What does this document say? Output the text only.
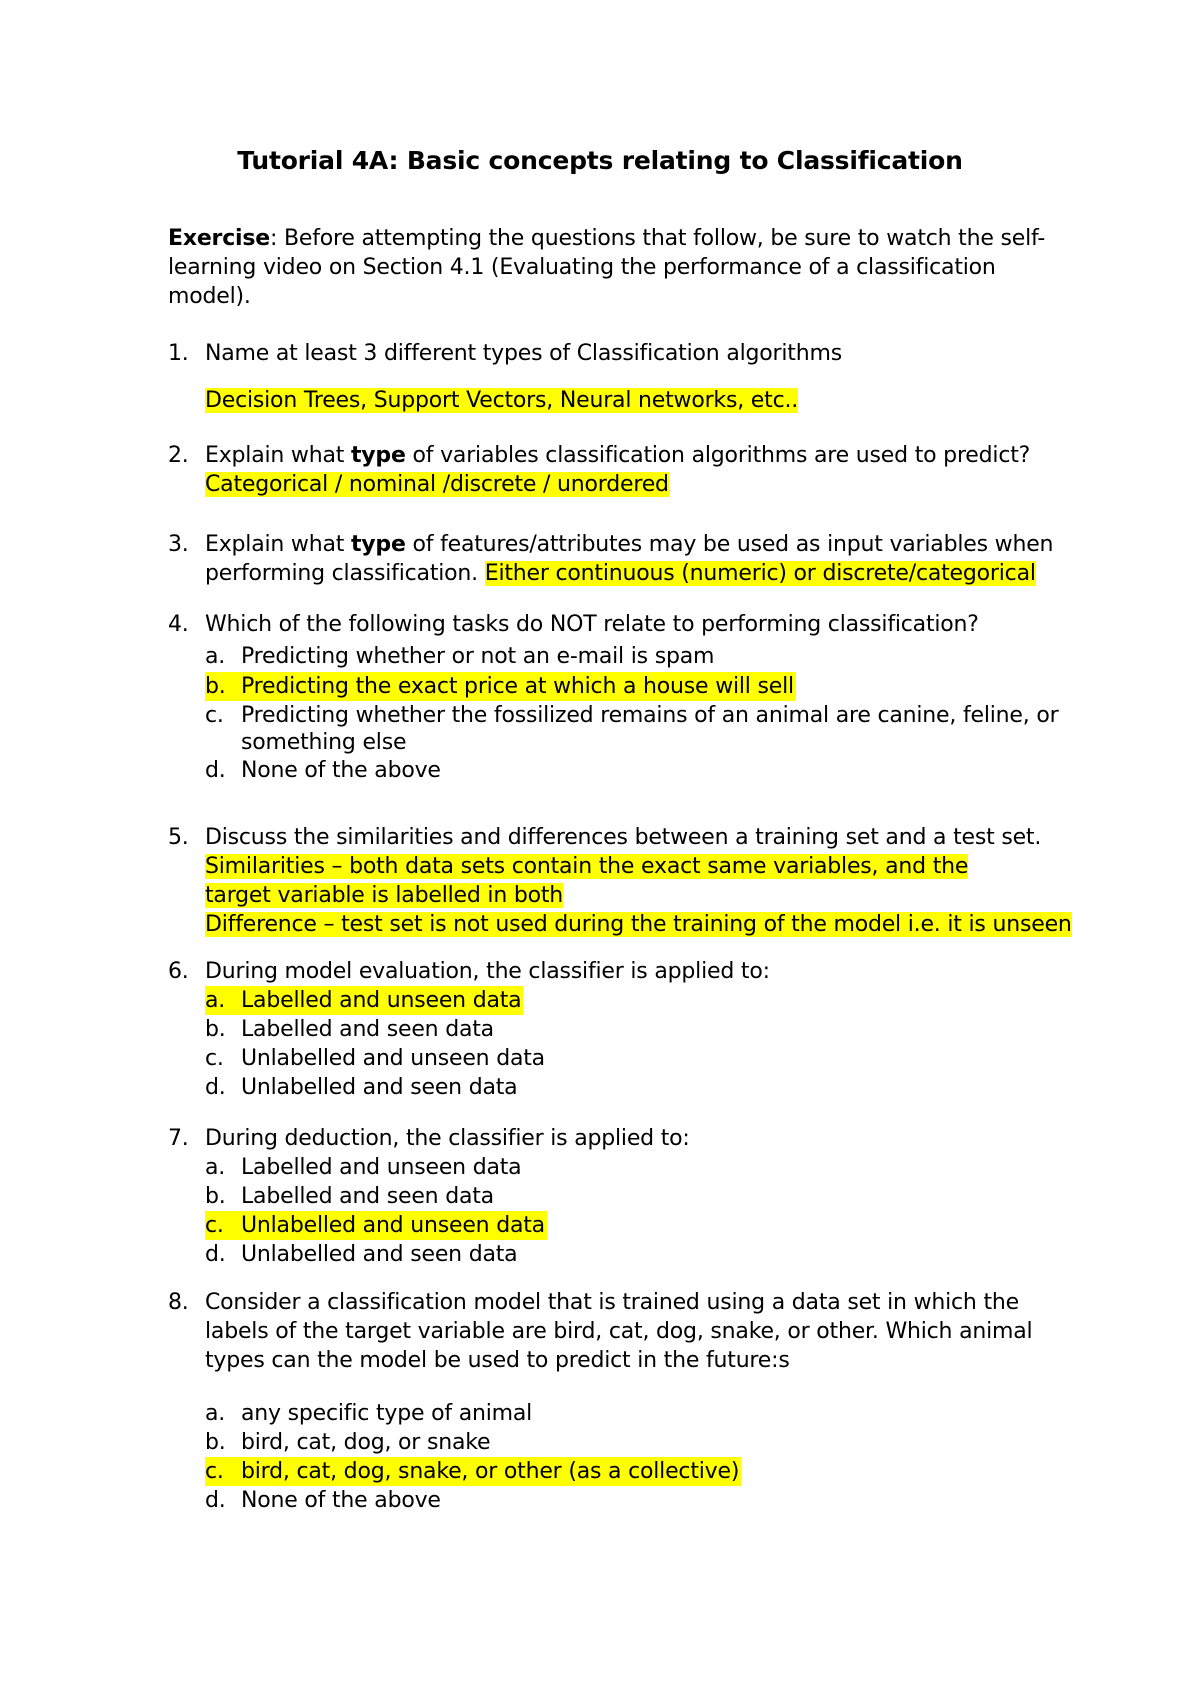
Tutorial 4A: Basic concepts relating to Classification
Exercise: Before attempting the questions that follow, be sure to watch the self-learning video on Section 4.1 (Evaluating the performance of a classification model).
1. Name at least 3 different types of Classification algorithms
Decision Trees, Support Vectors, Neural networks, etc..
2. Explain what type of variables classification algorithms are used to predict?
Categorical / nominal /discrete / unordered
3. Explain what type of features/attributes may be used as input variables when performing classification. Either continuous (numeric) or discrete/categorical
4. Which of the following tasks do NOT relate to performing classification?
a. Predicting whether or not an e-mail is spam
b. Predicting the exact price at which a house will sell
c. Predicting whether the fossilized remains of an animal are canine, feline, or something else
d. None of the above
5. Discuss the similarities and differences between a training set and a test set.
Similarities – both data sets contain the exact same variables, and the target variable is labelled in both
Difference – test set is not used during the training of the model i.e. it is unseen
6. During model evaluation, the classifier is applied to:
a. Labelled and unseen data
b. Labelled and seen data
c. Unlabelled and unseen data
d. Unlabelled and seen data
7. During deduction, the classifier is applied to:
a. Labelled and unseen data
b. Labelled and seen data
c. Unlabelled and unseen data
d. Unlabelled and seen data
8. Consider a classification model that is trained using a data set in which the labels of the target variable are bird, cat, dog, snake, or other. Which animal types can the model be used to predict in the future:s
a. any specific type of animal
b. bird, cat, dog, or snake
c. bird, cat, dog, snake, or other (as a collective)
d. None of the above
